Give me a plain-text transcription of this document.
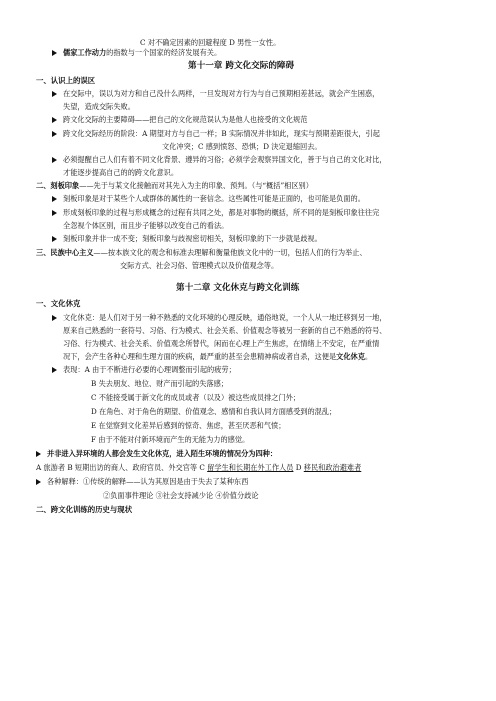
C 对不确定因素的回避程度 D 男性一女性。
儒家工作动力的指数与一个国家的经济发展有关。
第十一章 跨文化交际的障碍
一、认识上的误区
在交际中，误以为对方和自己没什么两样，一旦发现对方行为与自己预期相差甚远，就会产生困惑，
失望，造成交际失败。
跨文化交际的主要障碍——把自己的文化规范误认为是他人也接受的文化规范
跨文化交际经历的阶段：A 期望对方与自己一样；B 实际情况并非如此，现实与预期差距很大，引起
文化冲突；C 感到愤怒、恐惧；D 決定退缩回去。
必须提醒自己人们有着不同文化背景、遵异的习俗；必须学会观察异国文化，善于与自己的文化对比，
才能逐步提高自己的的跨文化意识。
二、刻板印象——先于与某文化接触而对其先入为主的印象、预判。（与“概括”相区别）
刻板印象是对于某些个人或群体的属性的一套信念。这些属性可能是正面的，也可能是负面的。
形成刻板印象的过程与形成概念的过程有共同之处，都是对事物的概括，所不同的是刻板印象往往完
全忽视个体区别，而且步子能够以改变自己的看法。
刻板印象并非一成不变；刻板印象与歧视密切相关，刻板印象的下一步就是歧视。
三、民族中心主义——按本族文化的观念和标准去理解和衡量他族文化中的一切，包括人们的行为举止、
交际方式、社会习俗、管理模式以及价值观念等。
第十二章 文化休克与跨文化训练
一、文化休克
文化休克：是人们对于另一种不熟悉的文化环境的心理反映，通俗地说，一个人从一地迁移到另一地，
原来自己熟悉的一套符号、习俗、行为模式、社会关系、价值观念等被另一套新的自己不熟悉的符号、
习俗、行为模式、社会关系、价值观念所替代，闲而在心理上产生焦虑，在情绪上不安定，在严重情
况下，会产生各种心理和生理方面的疾病，最严重的甚至会患精神病或者自杀，这便是文化休克。
表现：A 由于不断进行必要的心理调整而引起的疲劳；
B 失去朋友、地位、财产而引起的失落感；
C 不能接受属于新文化的成员或者（以及）被这些成员排之门外；
D 在角色、对于角色的期望、价值观念、感情和自我认同方面感受到的混乱；
E 在觉察到文化差异后感到的惊奇、焦虑，甚至厌恶和气愤；
F 由于不能对付新环境而产生的无能为力的感觉。
并非进入异环境的人都会发生文化休克，进入陌生环境的情况分为四种：
A 旅游者 B 短期出访的商人、政府官员、外交官等 C 留学生和长期在外工作人员 D 移民和政治避难者
各种解释：①传统的解释——认为其原因是由于失去了某种东西
②负面事件理论 ③社会支持减少论 ④价值分歧论
二、跨文化训练的历史与现状
